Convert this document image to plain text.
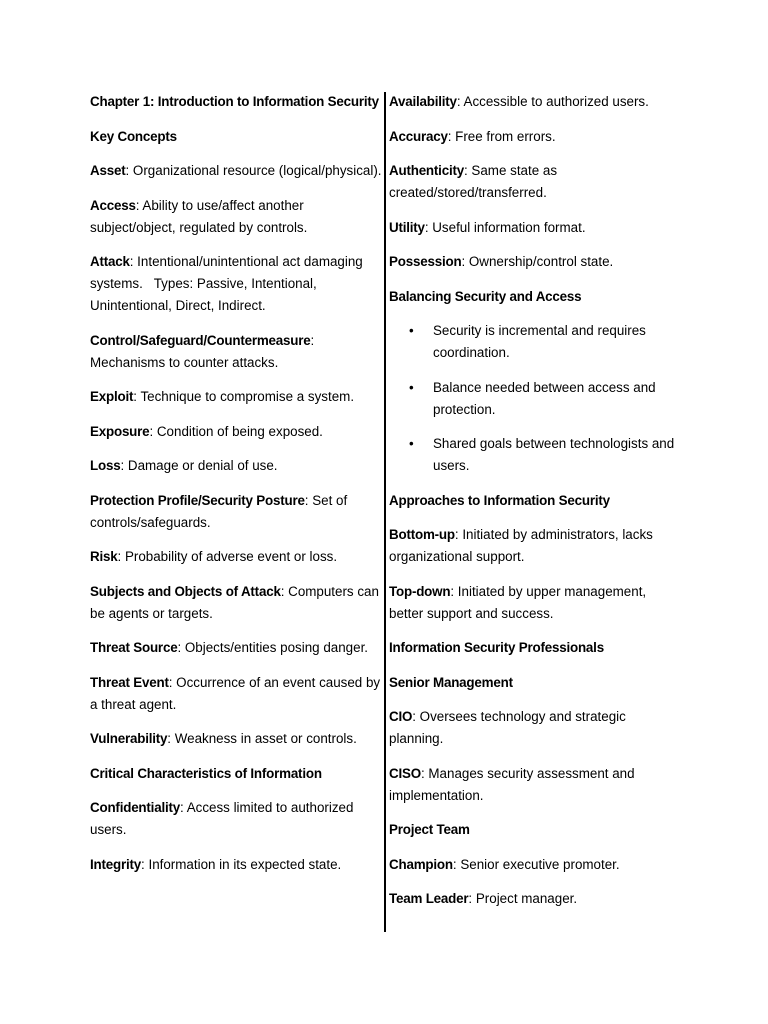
Chapter 1: Introduction to Information Security

Key Concepts

Asset: Organizational resource (logical/physical).

Access: Ability to use/affect another subject/object, regulated by controls.

Attack: Intentional/unintentional act damaging systems.   Types: Passive, Intentional, Unintentional, Direct, Indirect.

Control/Safeguard/Countermeasure: Mechanisms to counter attacks.

Exploit: Technique to compromise a system.

Exposure: Condition of being exposed.

Loss: Damage or denial of use.

Protection Profile/Security Posture: Set of controls/safeguards.

Risk: Probability of adverse event or loss.

Subjects and Objects of Attack: Computers can be agents or targets.

Threat Source: Objects/entities posing danger.

Threat Event: Occurrence of an event caused by a threat agent.

Vulnerability: Weakness in asset or controls.

Critical Characteristics of Information

Confidentiality: Access limited to authorized users.

Integrity: Information in its expected state.

Availability: Accessible to authorized users.

Accuracy: Free from errors.

Authenticity: Same state as created/stored/transferred.

Utility: Useful information format.

Possession: Ownership/control state.

Balancing Security and Access

• Security is incremental and requires coordination.
• Balance needed between access and protection.
• Shared goals between technologists and users.

Approaches to Information Security

Bottom-up: Initiated by administrators, lacks organizational support.

Top-down: Initiated by upper management, better support and success.

Information Security Professionals

Senior Management

CIO: Oversees technology and strategic planning.

CISO: Manages security assessment and implementation.

Project Team

Champion: Senior executive promoter.

Team Leader: Project manager.
